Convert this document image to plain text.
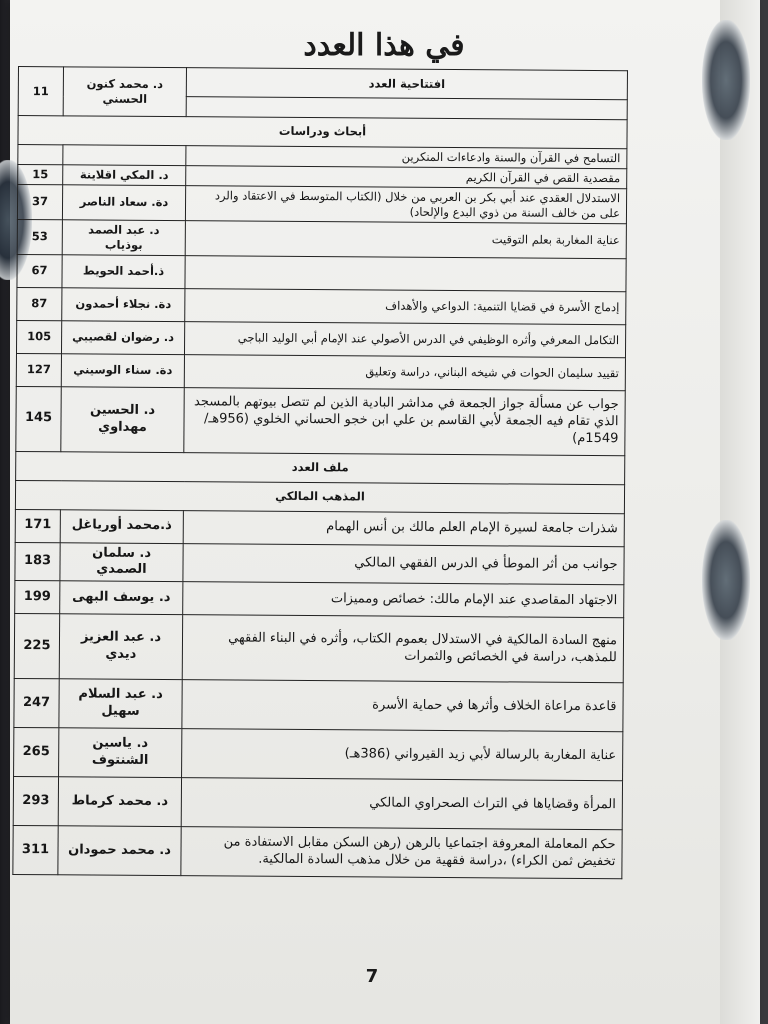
في هذا العدد
افتتاحية العدد	د. محمد كنون الحسني	11

أبحاث ودراسات		
التسامح في القرآن والسنة وادعاءات المنكرين		
مقصدية القص في القرآن الكريم	د. المكي اقلاينة	15
الاستدلال العقدي عند أبي بكر بن العربي من خلال (الكتاب المتوسط في الاعتقاد والرد على من خالف السنة من ذوي البدع والإلحاد)	دة. سعاد الناصر	37
عناية المغاربة بعلم التوقيت	د. عبد الصمد بوذياب	53
	ذ.أحمد الحويط	67
إدماج الأسرة في قضايا التنمية: الدواعي والأهداف	دة. نجلاء أحمدون	87
التكامل المعرفي وأثره الوظيفي في الدرس الأصولي عند الإمام أبي الوليد الباجي	د. رضوان لقصيبي	105
تقييد سليمان الحوات في شيخه البناني، دراسة وتعليق	دة. سناء الوسيني	127
جواب عن مسألة جواز الجمعة في مداشر البادية الذين لم تتصل بيوتهم بالمسجد الذي تقام فيه الجمعة لأبي القاسم بن علي ابن خجو الحساني الخلوي (956هـ/ 1549م)	د. الحسين مهداوي	145
ملف العدد		
المذهب المالكي		
شذرات جامعة لسيرة الإمام العلم مالك بن أنس الهمام	ذ.محمد أورياغل	171
جوانب من أثر الموطأ في الدرس الفقهي المالكي	د. سلمان الصمدي	183
الاجتهاد المقاصدي عند الإمام مالك: خصائص ومميزات	د. يوسف البهى	199
منهج السادة المالكية في الاستدلال بعموم الكتاب، وأثره في البناء الفقهي للمذهب، دراسة في الخصائص والثمرات	د. عبد العزيز ديدي	225
قاعدة مراعاة الخلاف وأثرها في حماية الأسرة	د. عبد السلام سهيل	247
عناية المغاربة بالرسالة لأبي زيد القيرواني (386هـ)	د. ياسين الشنتوف	265
المرأة وقضاياها في التراث الصحراوي المالكي	د. محمد كرماط	293
حكم المعاملة المعروفة اجتماعيا بالرهن (رهن السكن مقابل الاستفادة من تخفيض ثمن الكراء) ،دراسة فقهية من خلال مذهب السادة المالكية.	د. محمد حمودان	311
7
